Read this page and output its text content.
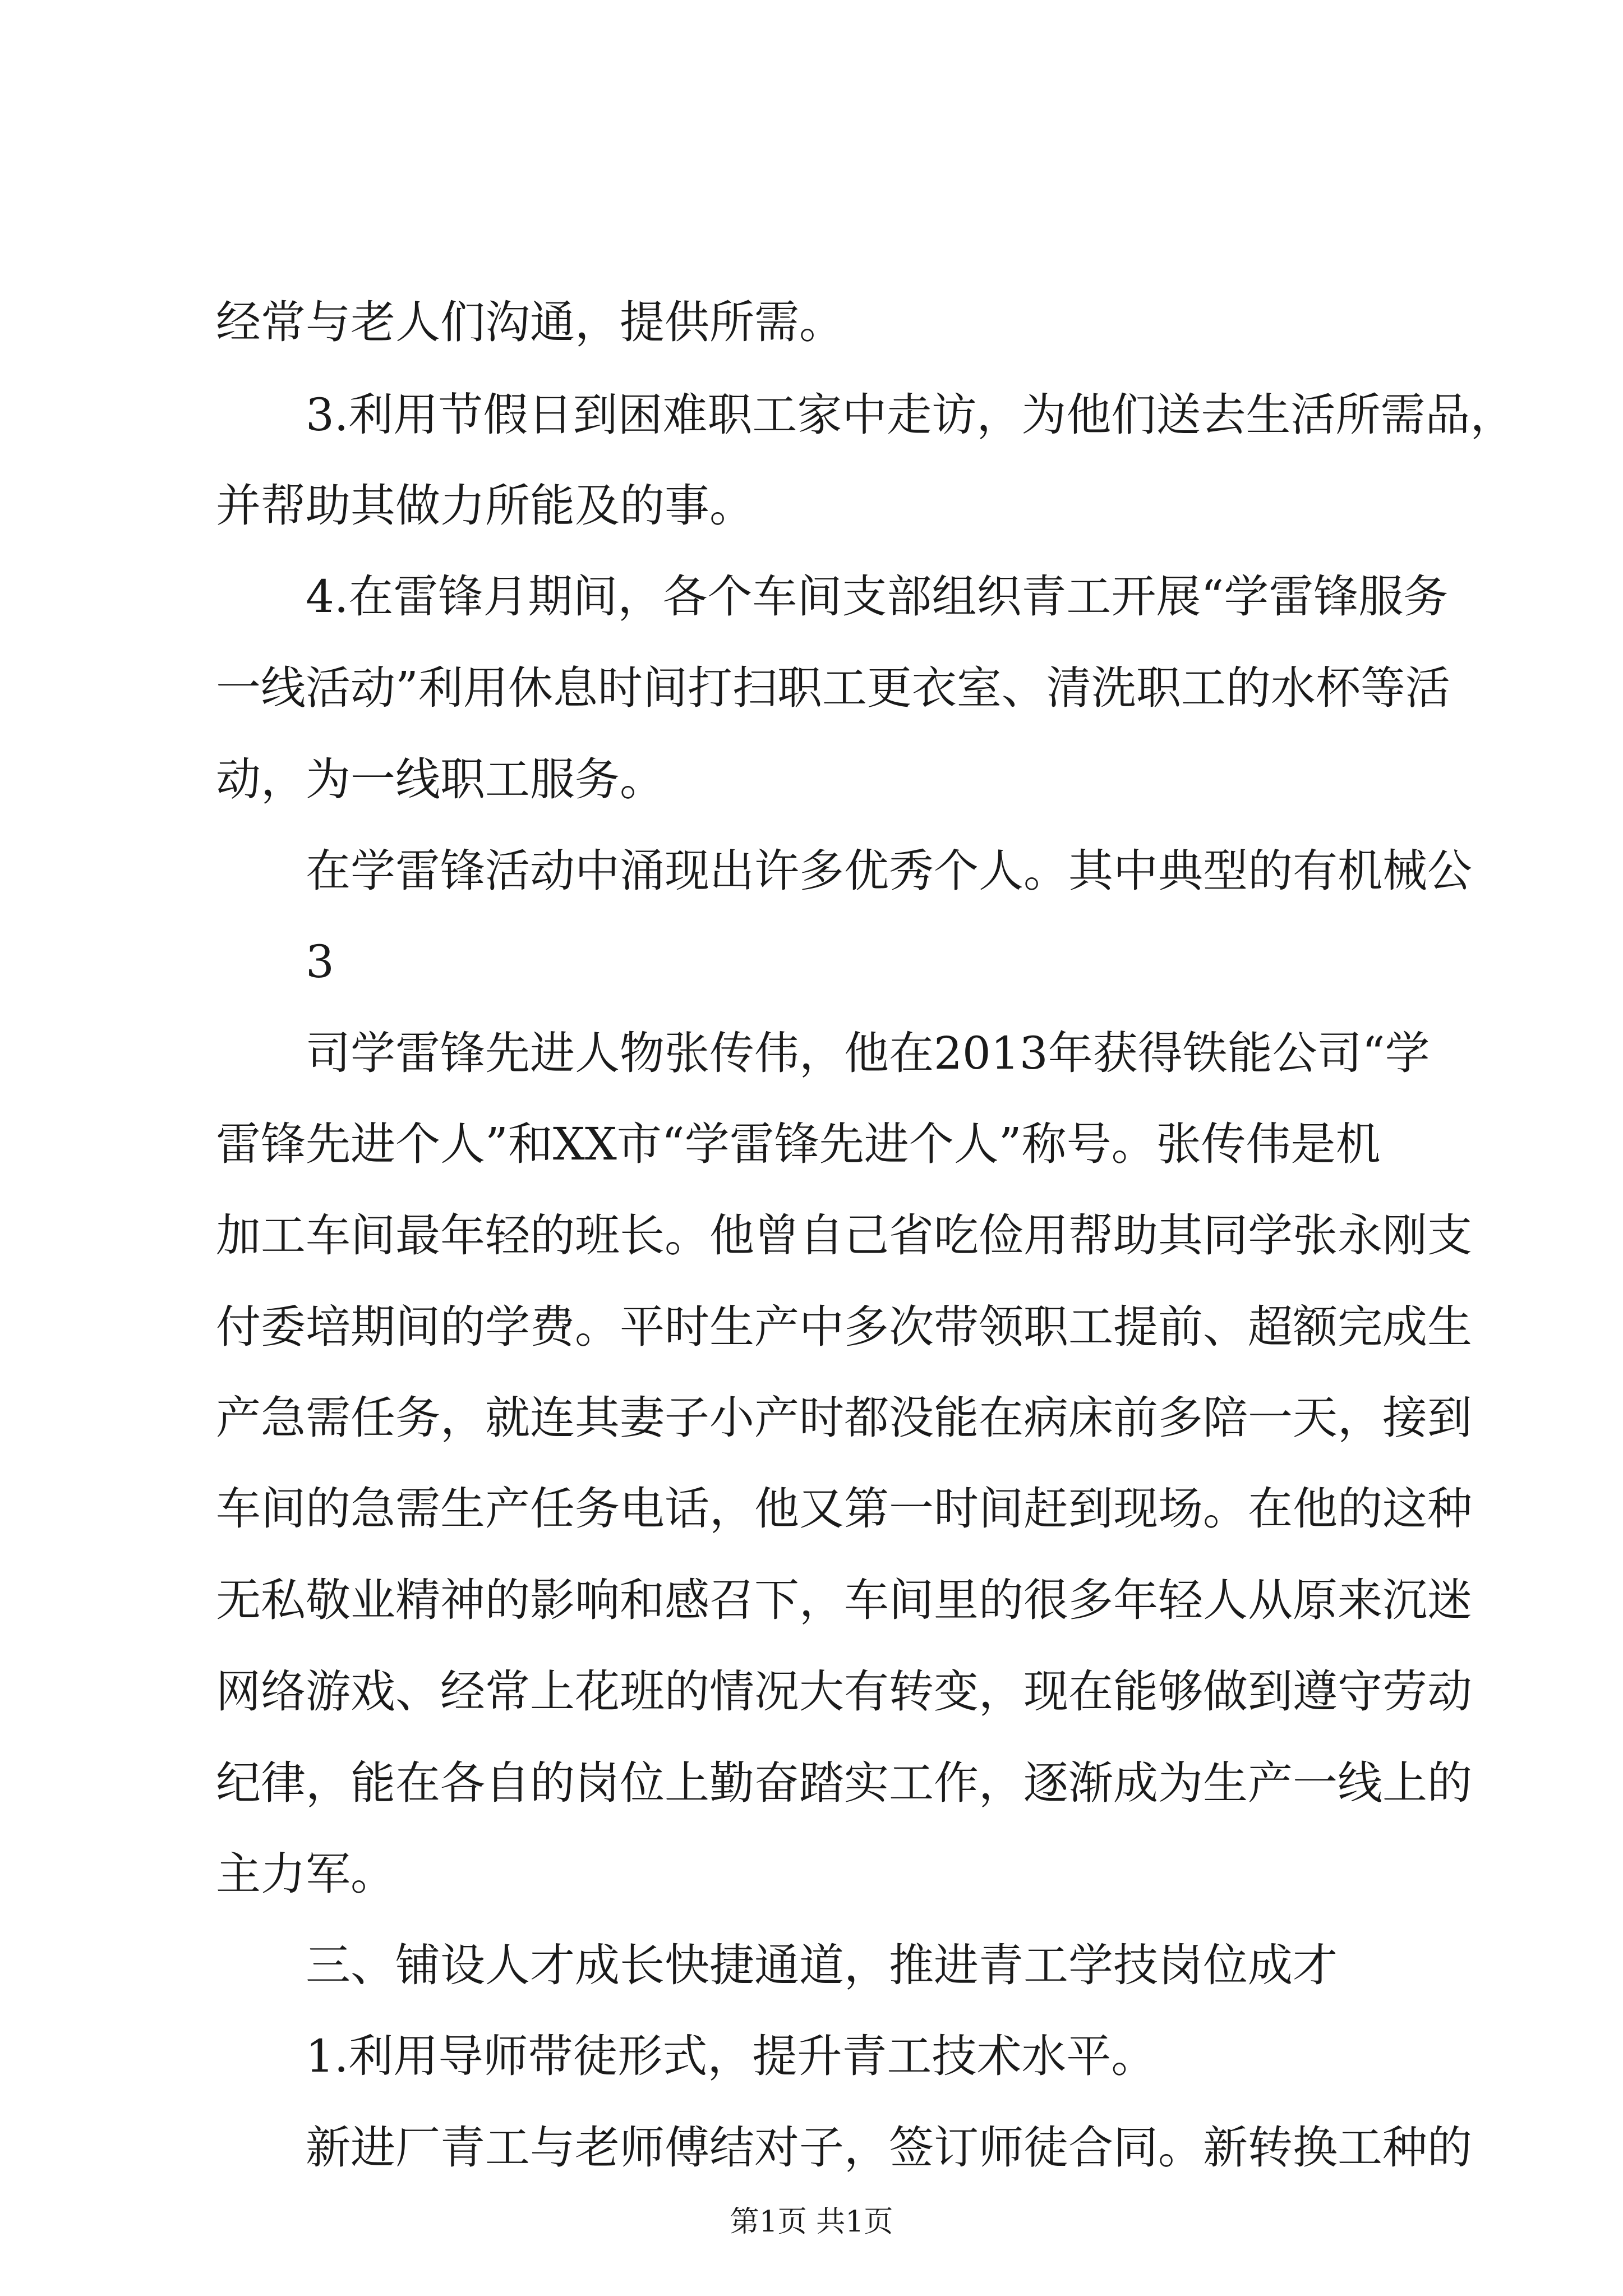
经常与老人们沟通，提供所需。
3.利用节假日到困难职工家中走访，为他们送去生活所需品，
并帮助其做力所能及的事。
4.在雷锋月期间，各个车间支部组织青工开展“学雷锋服务
一线活动”利用休息时间打扫职工更衣室、清洗职工的水杯等活
动，为一线职工服务。
在学雷锋活动中涌现出许多优秀个人。其中典型的有机械公
3
司学雷锋先进人物张传伟，他在2013年获得铁能公司“学
雷锋先进个人”和XX市“学雷锋先进个人”称号。张传伟是机
加工车间最年轻的班长。他曾自己省吃俭用帮助其同学张永刚支
付委培期间的学费。平时生产中多次带领职工提前、超额完成生
产急需任务，就连其妻子小产时都没能在病床前多陪一天，接到
车间的急需生产任务电话，他又第一时间赶到现场。在他的这种
无私敬业精神的影响和感召下，车间里的很多年轻人从原来沉迷
网络游戏、经常上花班的情况大有转变，现在能够做到遵守劳动
纪律，能在各自的岗位上勤奋踏实工作，逐渐成为生产一线上的
主力军。
三、铺设人才成长快捷通道，推进青工学技岗位成才
1.利用导师带徒形式，提升青工技术水平。
新进厂青工与老师傅结对子，签订师徒合同。新转换工种的
第1页 共1页
